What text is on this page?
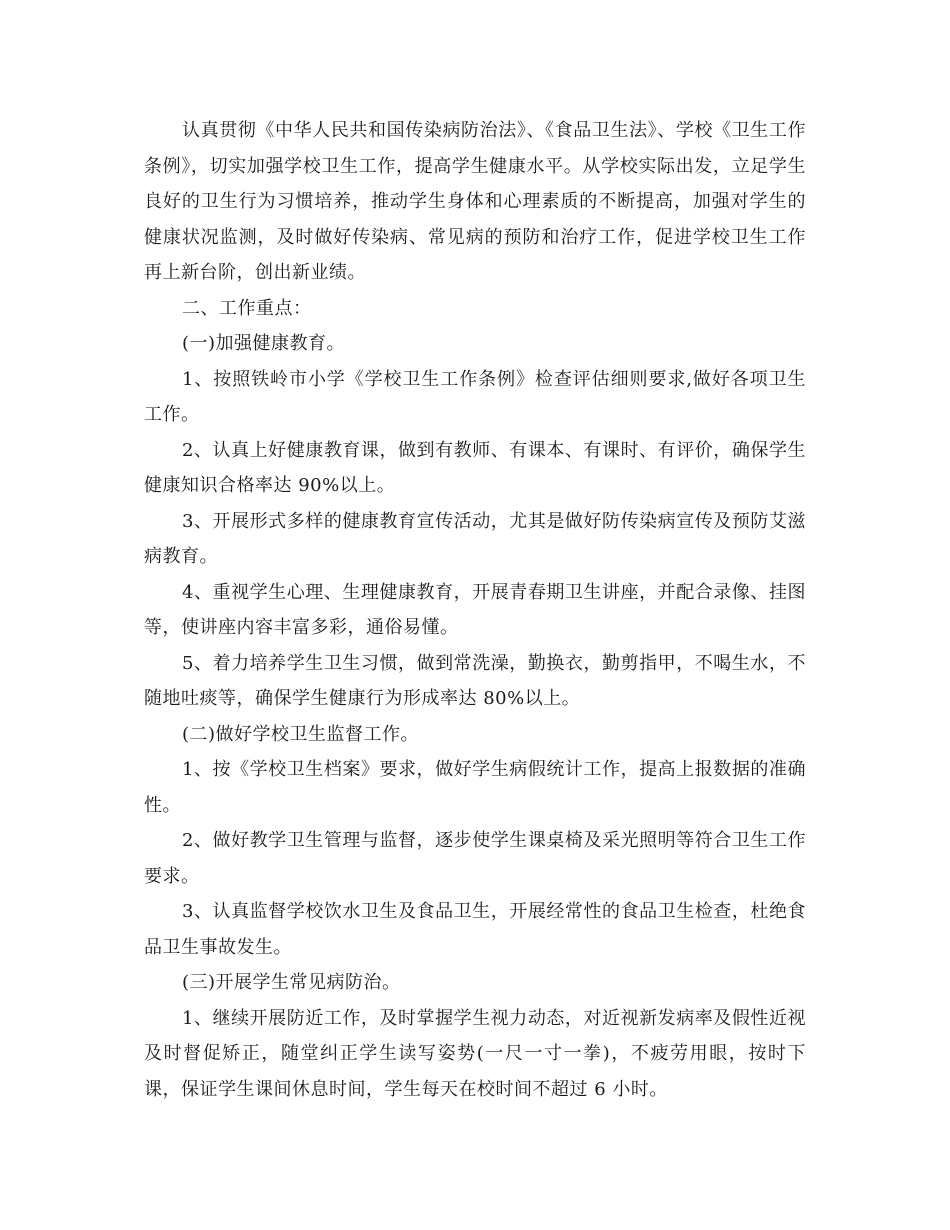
认真贯彻《中华人民共和国传染病防治法》、《食品卫生法》、学校《卫生工作条例》，切实加强学校卫生工作，提高学生健康水平。从学校实际出发，立足学生良好的卫生行为习惯培养，推动学生身体和心理素质的不断提高，加强对学生的健康状况监测，及时做好传染病、常见病的预防和治疗工作，促进学校卫生工作再上新台阶，创出新业绩。

二、工作重点：

(一)加强健康教育。

1、按照铁岭市小学《学校卫生工作条例》检查评估细则要求,做好各项卫生工作。

2、认真上好健康教育课，做到有教师、有课本、有课时、有评价，确保学生健康知识合格率达 90%以上。

3、开展形式多样的健康教育宣传活动，尤其是做好防传染病宣传及预防艾滋病教育。

4、重视学生心理、生理健康教育，开展青春期卫生讲座，并配合录像、挂图等，使讲座内容丰富多彩，通俗易懂。

5、着力培养学生卫生习惯，做到常洗澡，勤换衣，勤剪指甲，不喝生水，不随地吐痰等，确保学生健康行为形成率达 80%以上。

(二)做好学校卫生监督工作。

1、按《学校卫生档案》要求，做好学生病假统计工作，提高上报数据的准确性。

2、做好教学卫生管理与监督，逐步使学生课桌椅及采光照明等符合卫生工作要求。

3、认真监督学校饮水卫生及食品卫生，开展经常性的食品卫生检查，杜绝食品卫生事故发生。

(三)开展学生常见病防治。

1、继续开展防近工作，及时掌握学生视力动态，对近视新发病率及假性近视及时督促矫正，随堂纠正学生读写姿势(一尺一寸一拳)，不疲劳用眼，按时下课，保证学生课间休息时间，学生每天在校时间不超过 6 小时。
